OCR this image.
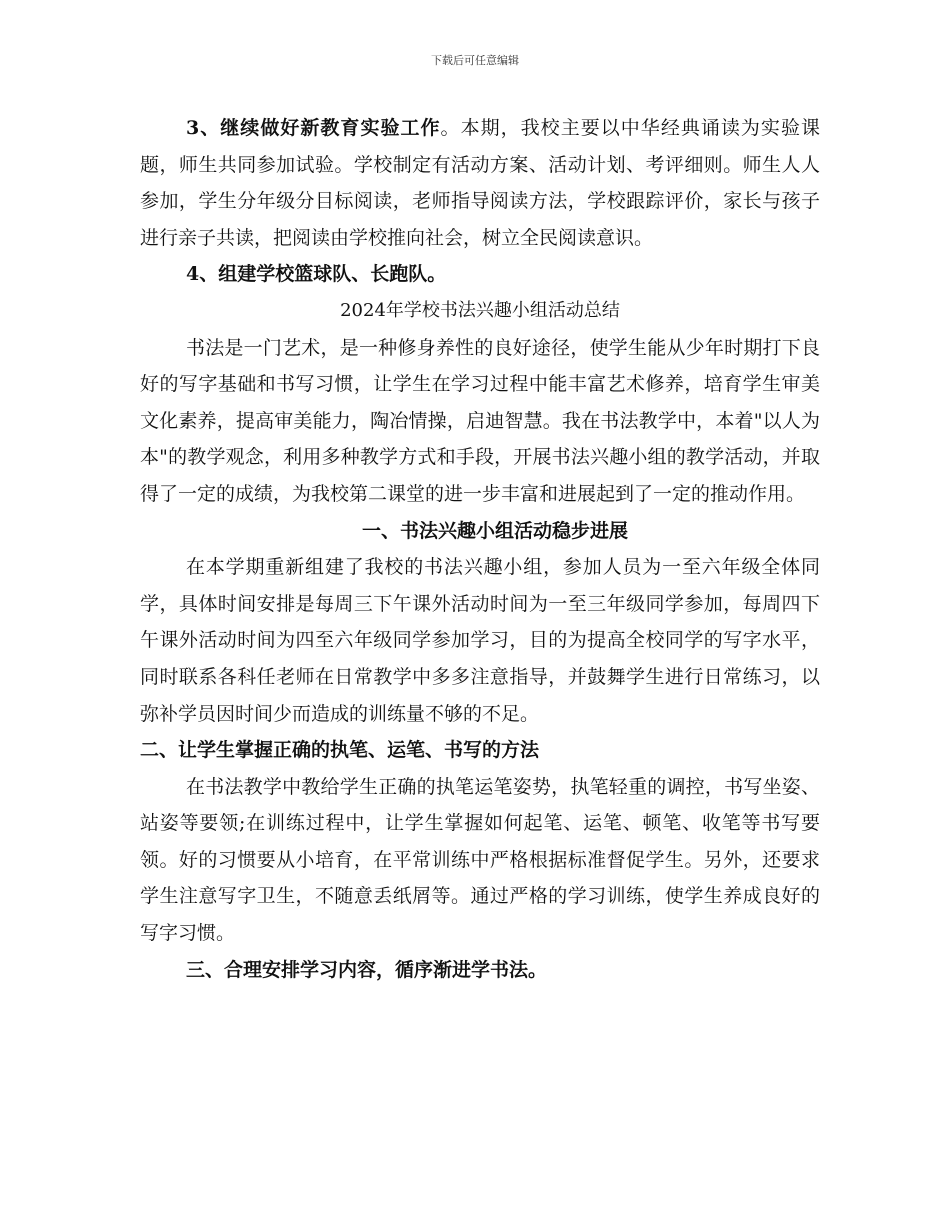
下载后可任意编辑

3、继续做好新教育实验工作。本期，我校主要以中华经典诵读为实验课题，师生共同参加试验。学校制定有活动方案、活动计划、考评细则。师生人人参加，学生分年级分目标阅读，老师指导阅读方法，学校跟踪评价，家长与孩子进行亲子共读，把阅读由学校推向社会，树立全民阅读意识。

4、组建学校篮球队、长跑队。

2024年学校书法兴趣小组活动总结

书法是一门艺术，是一种修身养性的良好途径，使学生能从少年时期打下良好的写字基础和书写习惯，让学生在学习过程中能丰富艺术修养，培育学生审美文化素养，提高审美能力，陶冶情操，启迪智慧。我在书法教学中，本着"以人为本"的教学观念，利用多种教学方式和手段，开展书法兴趣小组的教学活动，并取得了一定的成绩，为我校第二课堂的进一步丰富和进展起到了一定的推动作用。

一、书法兴趣小组活动稳步进展

在本学期重新组建了我校的书法兴趣小组，参加人员为一至六年级全体同学，具体时间安排是每周三下午课外活动时间为一至三年级同学参加，每周四下午课外活动时间为四至六年级同学参加学习，目的为提高全校同学的写字水平，同时联系各科任老师在日常教学中多多注意指导，并鼓舞学生进行日常练习，以弥补学员因时间少而造成的训练量不够的不足。

二、让学生掌握正确的执笔、运笔、书写的方法

在书法教学中教给学生正确的执笔运笔姿势，执笔轻重的调控，书写坐姿、站姿等要领;在训练过程中，让学生掌握如何起笔、运笔、顿笔、收笔等书写要领。好的习惯要从小培育，在平常训练中严格根据标准督促学生。另外，还要求学生注意写字卫生，不随意丢纸屑等。通过严格的学习训练，使学生养成良好的写字习惯。

三、合理安排学习内容，循序渐进学书法。
